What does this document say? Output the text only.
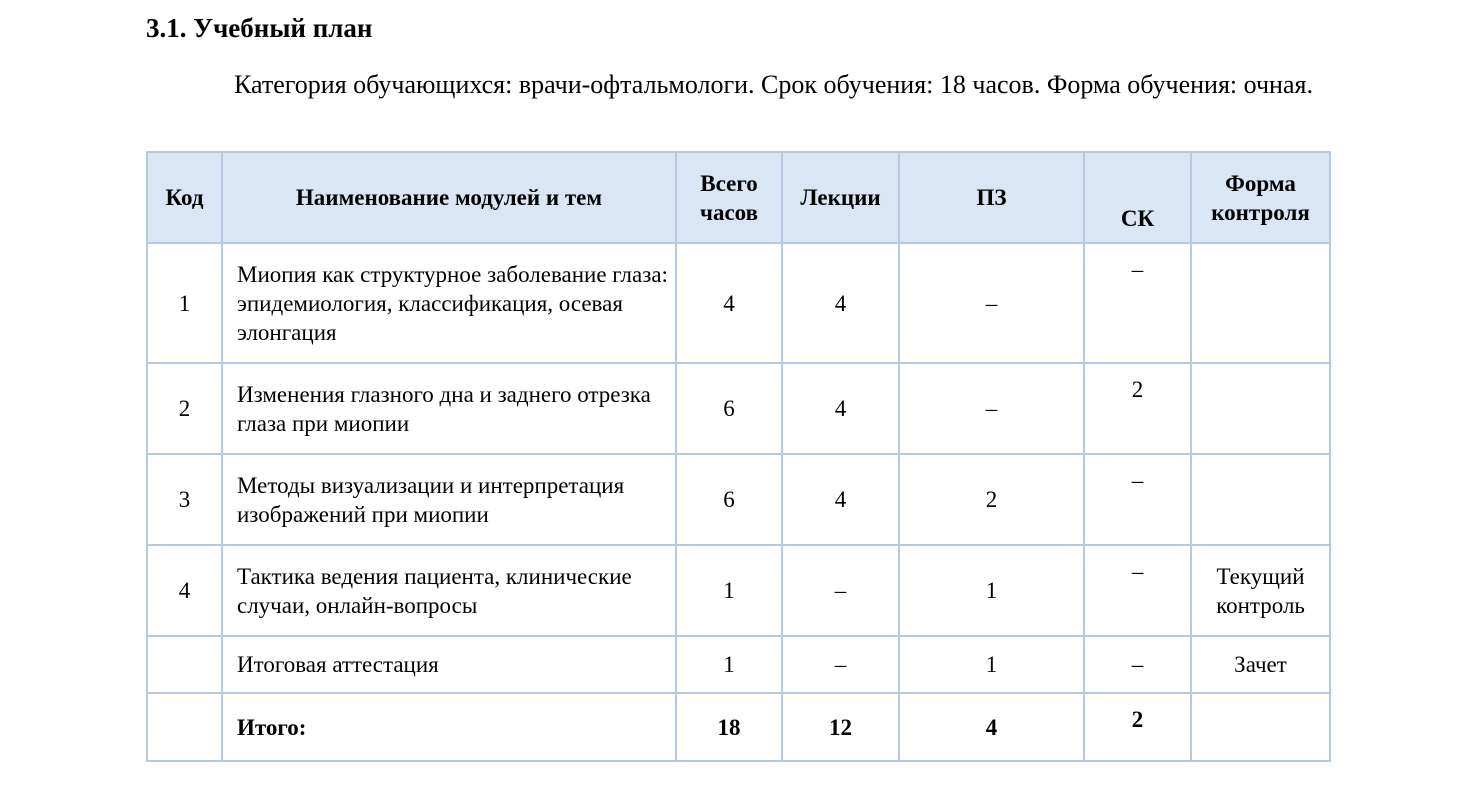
3.1. Учебный план

Категория обучающихся: врачи-офтальмологи. Срок обучения: 18 часов. Форма обучения: очная.

Код	Наименование модулей и тем	Всего часов	Лекции	ПЗ	СК	Форма контроля
1	Миопия как структурное заболевание глаза: эпидемиология, классификация, осевая элонгация	4	4	–	–	
2	Изменения глазного дна и заднего отрезка глаза при миопии	6	4	–	2	
3	Методы визуализации и интерпретация изображений при миопии	6	4	2	–	
4	Тактика ведения пациента, клинические случаи, онлайн-вопросы	1	–	1	–	Текущий контроль
	Итоговая аттестация	1	–	1	–	Зачет
	Итого:	18	12	4	2	
